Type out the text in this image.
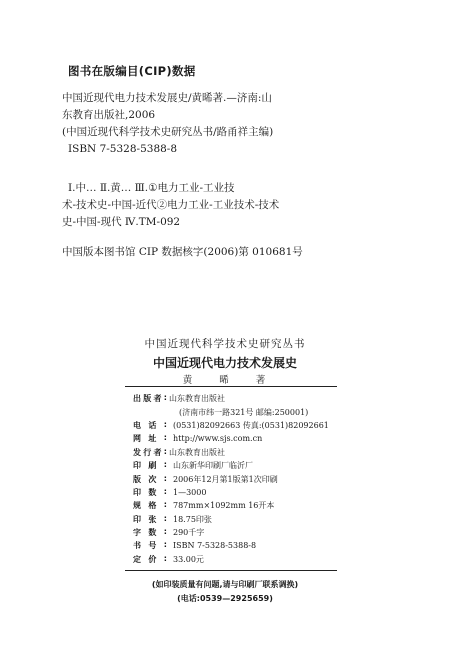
图书在版编目(CIP)数据
中国近现代电力技术发展史/黄晞著.—济南:山
东教育出版社,2006
(中国近现代科学技术史研究丛书/路甬祥主编)
ISBN 7-5328-5388-8
Ⅰ.中… Ⅱ.黄… Ⅲ.①电力工业-工业技
术-技术史-中国-近代②电力工业-工业技术-技术
史-中国-现代 Ⅳ.TM-092
中国版本图书馆 CIP 数据核字(2006)第 010681号
中国近现代科学技术史研究丛书
中国近现代电力技术发展史
黄 晞 著
出 版 者 : 山东教育出版社
(济南市纬一路321号 邮编:250001)
电 话 : (0531)82092663 传真:(0531)82092661
网 址 : http://www.sjs.com.cn
发 行 者 : 山东教育出版社
印 刷 : 山东新华印刷厂临沂厂
版 次 : 2006年12月第1版第1次印刷
印 数 : 1—3000
规 格 : 787mm×1092mm 16开本
印 张 : 18.75印张
字 数 : 290千字
书 号 : ISBN 7-5328-5388-8
定 价 : 33.00元
(如印装质量有问题,请与印刷厂联系调换)
(电话:0539—2925659)
